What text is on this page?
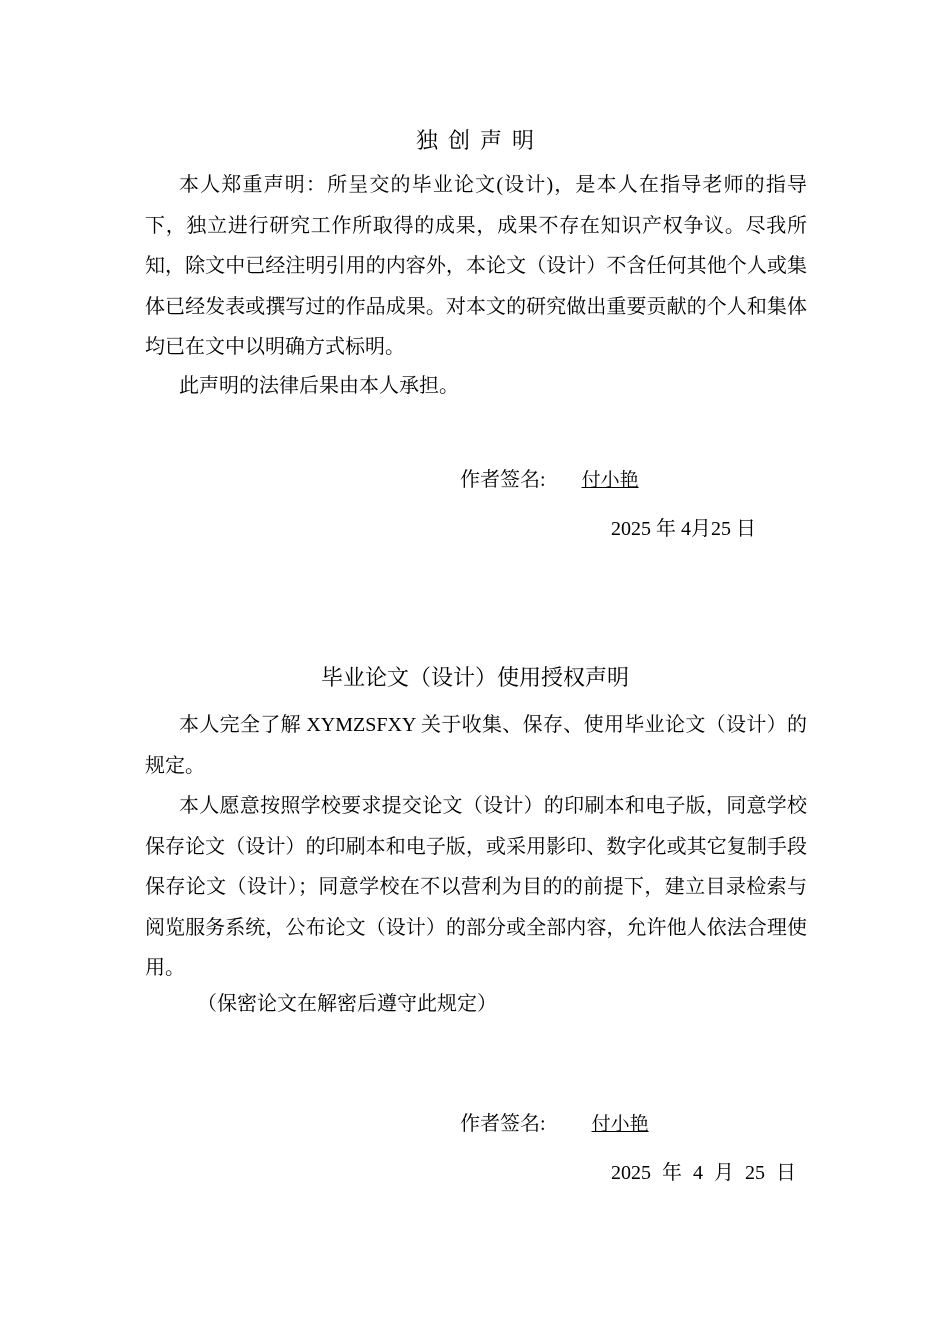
独创声明

本人郑重声明：所呈交的毕业论文(设计)，是本人在指导老师的指导下，独立进行研究工作所取得的成果，成果不存在知识产权争议。尽我所知，除文中已经注明引用的内容外，本论文（设计）不含任何其他个人或集体已经发表或撰写过的作品成果。对本文的研究做出重要贡献的个人和集体均已在文中以明确方式标明。

此声明的法律后果由本人承担。

作者签名: 付小艳
2025 年 4月25 日
毕业论文（设计）使用授权声明

本人完全了解 XYMZSFXY 关于收集、保存、使用毕业论文（设计）的规定。

本人愿意按照学校要求提交论文（设计）的印刷本和电子版，同意学校保存论文（设计）的印刷本和电子版，或采用影印、数字化或其它复制手段保存论文（设计）；同意学校在不以营利为目的的前提下，建立目录检索与阅览服务系统，公布论文（设计）的部分或全部内容，允许他人依法合理使用。

（保密论文在解密后遵守此规定）

作者签名: 付小艳
2025 年 4 月 25 日
